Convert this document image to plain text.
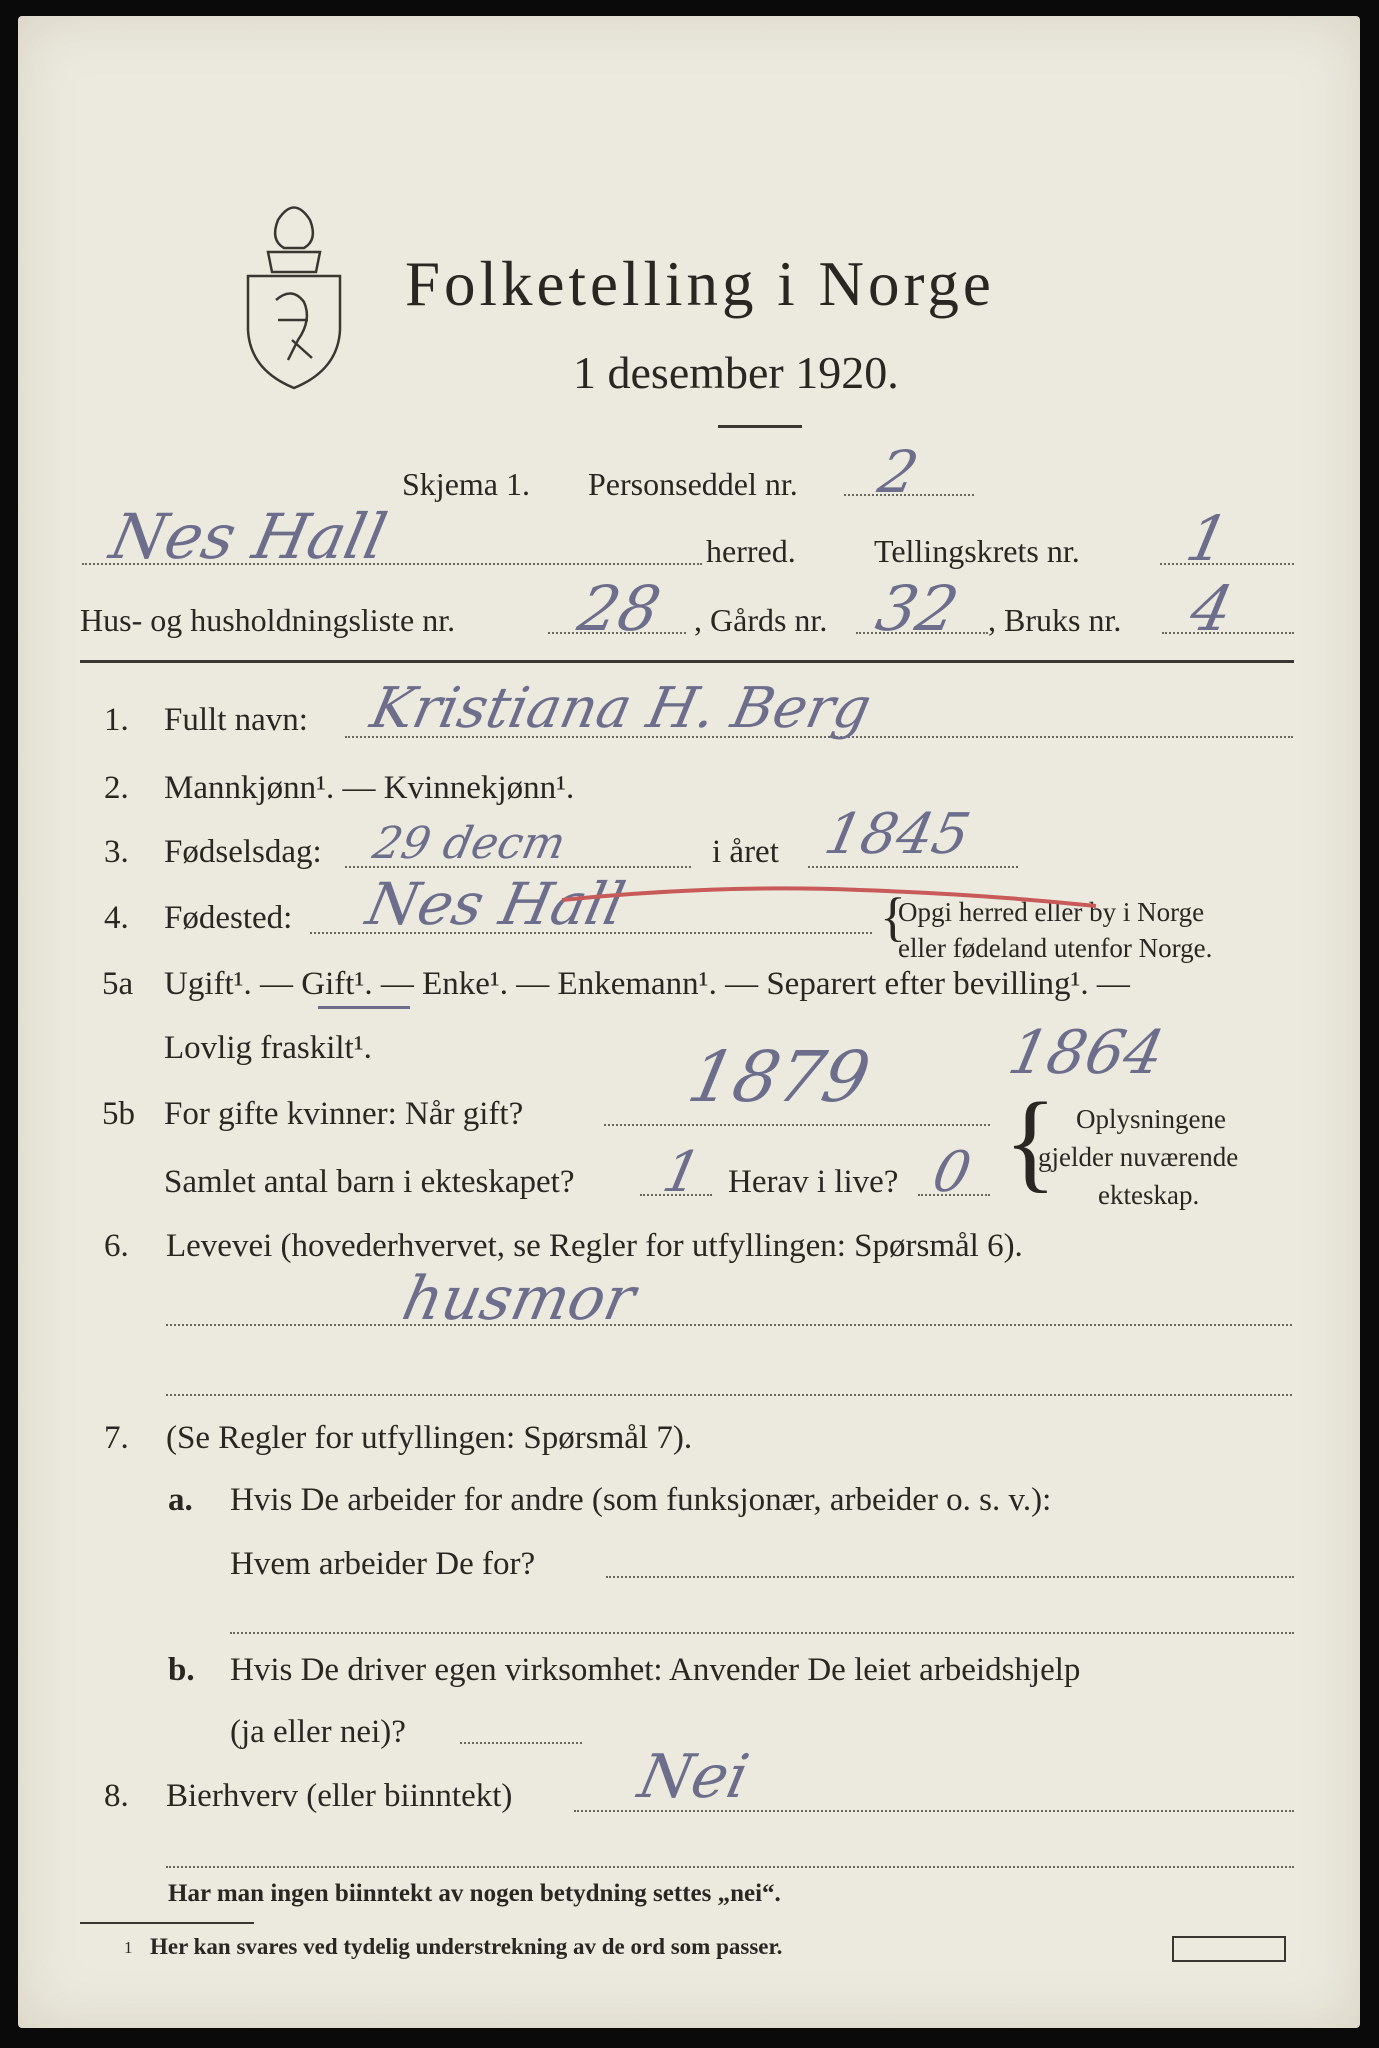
Folketelling i Norge
1 desember 1920.
Skjema 1. Personseddel nr. 2
Nes Hall	herred. Tellingskrets nr. 1
Hus- og husholdningsliste nr. 28 , Gårds nr. 32 , Bruks nr. 4
1. Fullt navn: Kristiana H. Berg
2. Mannkjønn¹. — Kvinnekjønn¹.
3. Fødselsdag: 29 decm	i året 1845
4. Fødested: Nes Hall	{
Opgi herred eller by i Norge
eller fødeland utenfor Norge.
5a Ugift¹. — Gift¹. — Enke¹. — Enkemann¹. — Separert efter bevilling¹. —
Lovlig fraskilt¹.
5b For gifte kvinner: Når gift? 1879 1864
Samlet antal barn i ekteskapet? 1 Herav i live? 0 { Oplysningene
gjelder nuværende
ekteskap.
6. Levevei (hovederhvervet, se Regler for utfyllingen: Spørsmål 6).
husmor
7. (Se Regler for utfyllingen: Spørsmål 7).
a. Hvis De arbeider for andre (som funksjonær, arbeider o. s. v.):
Hvem arbeider De for?
b. Hvis De driver egen virksomhet: Anvender De leiet arbeidshjelp
(ja eller nei)?
8. Bierhverv (eller biinntekt) Nei
Har man ingen biinntekt av nogen betydning settes „nei“.
1 Her kan svares ved tydelig understrekning av de ord som passer.
